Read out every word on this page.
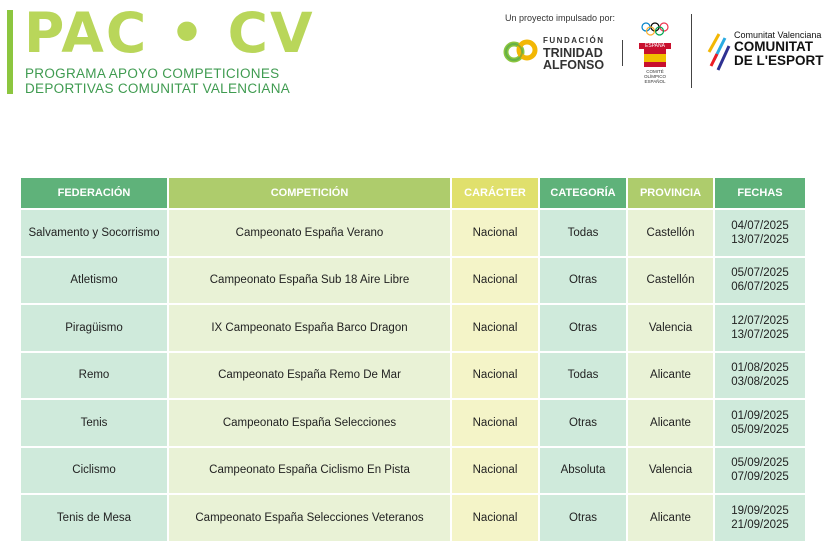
PAC • CV
PROGRAMA APOYO COMPETICIONES
DEPORTIVAS COMUNITAT VALENCIANA
Un proyecto impulsado por:
FUNDACIÓN
TRINIDAD
ALFONSO
ESPAÑA
COMITÉ OLÍMPICO
ESPAÑOL
Comunitat Valenciana
COMUNITAT
DE L'ESPORT
FEDERACIÓN	COMPETICIÓN	CARÁCTER	CATEGORÍA	PROVINCIA	FECHAS
Salvamento y Socorrismo	Campeonato España Verano	Nacional	Todas	Castellón	04/07/2025
13/07/2025

Atletismo	Campeonato España Sub 18 Aire Libre	Nacional	Otras	Castellón	05/07/2025
06/07/2025

Piragüismo	IX Campeonato España Barco Dragon	Nacional	Otras	Valencia	12/07/2025
13/07/2025

Remo	Campeonato España Remo De Mar	Nacional	Todas	Alicante	01/08/2025
03/08/2025

Tenis	Campeonato España Selecciones	Nacional	Otras	Alicante	01/09/2025
05/09/2025

Ciclismo	Campeonato España Ciclismo En Pista	Nacional	Absoluta	Valencia	05/09/2025
07/09/2025

Tenis de Mesa	Campeonato España Selecciones Veteranos	Nacional	Otras	Alicante	19/09/2025
21/09/2025
